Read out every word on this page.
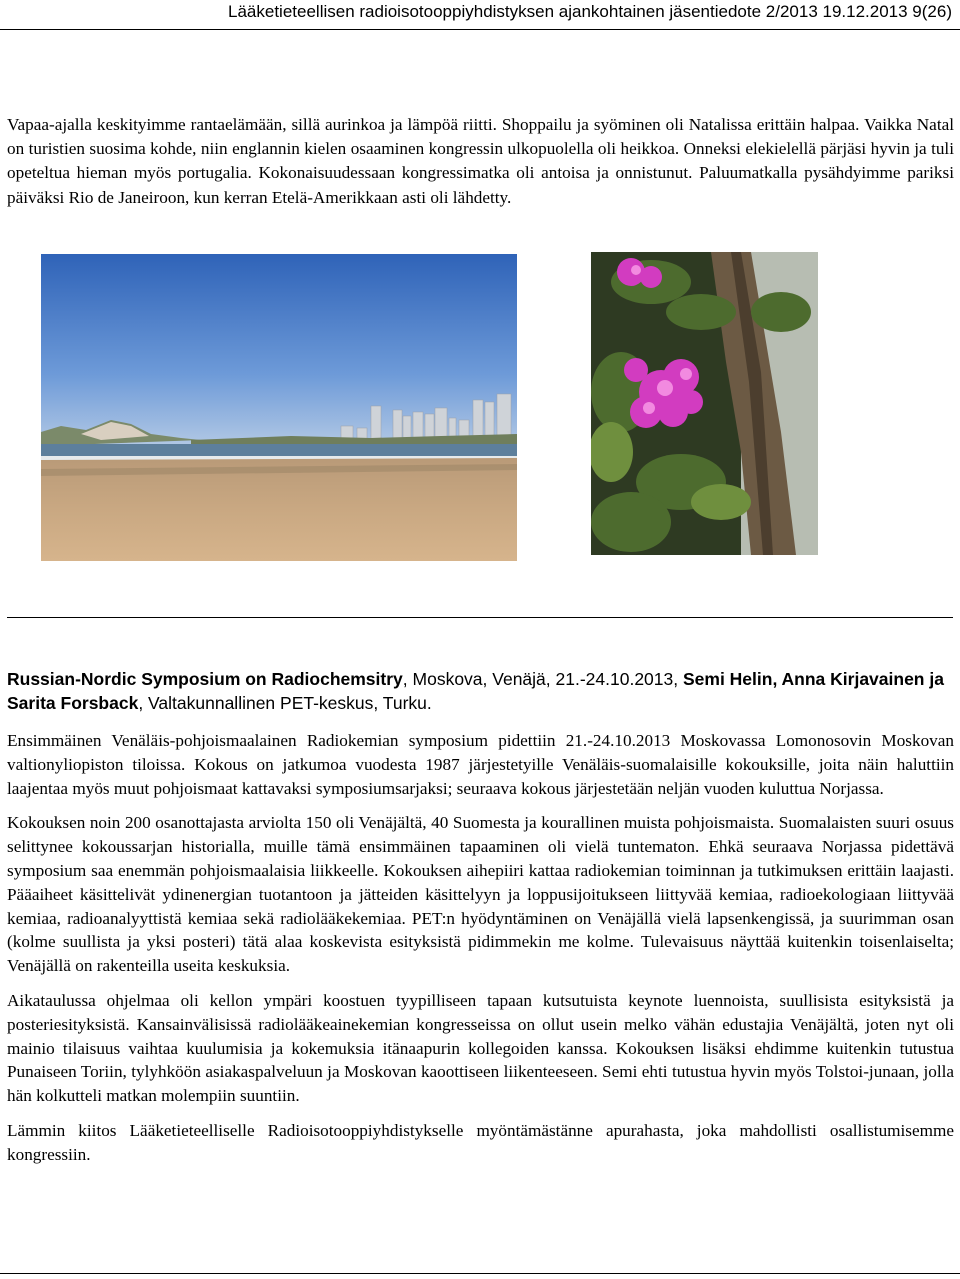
Lääketieteellisen radioisotooppiyhdistyksen ajankohtainen jäsentiedote 2/2013 19.12.2013 9(26)

Vapaa-ajalla keskityimme rantaelämään, sillä aurinkoa ja lämpöä riitti. Shoppailu ja syöminen oli Natalissa erittäin halpaa. Vaikka Natal on turistien suosima kohde, niin englannin kielen osaaminen kongressin ulkopuolella oli heikkoa. Onneksi elekielellä pärjäsi hyvin ja tuli opeteltua hieman myös portugalia. Kokonaisuudessaan kongressimatka oli antoisa ja onnistunut. Paluumatkalla pysähdyimme pariksi päiväksi Rio de Janeiroon, kun kerran Etelä-Amerikkaan asti oli lähdetty.

Russian-Nordic Symposium on Radiochemsitry, Moskova, Venäjä, 21.-24.10.2013, Semi Helin, Anna Kirjavainen ja Sarita Forsback, Valtakunnallinen PET-keskus, Turku.

Ensimmäinen Venäläis-pohjoismaalainen Radiokemian symposium pidettiin 21.-24.10.2013 Moskovassa Lomonosovin Moskovan valtionyliopiston tiloissa. Kokous on jatkumoa vuodesta 1987 järjestetyille Venäläis-suomalaisille kokouksille, joita näin haluttiin laajentaa myös muut pohjoismaat kattavaksi symposiumsarjaksi; seuraava kokous järjestetään neljän vuoden kuluttua Norjassa.

Kokouksen noin 200 osanottajasta arviolta 150 oli Venäjältä, 40 Suomesta ja kourallinen muista pohjoismaista. Suomalaisten suuri osuus selittynee kokoussarjan historialla, muille tämä ensimmäinen tapaaminen oli vielä tuntematon. Ehkä seuraava Norjassa pidettävä symposium saa enemmän pohjoismaalaisia liikkeelle. Kokouksen aihepiiri kattaa radiokemian toiminnan ja tutkimuksen erittäin laajasti. Pääaiheet käsittelivät ydinenergian tuotantoon ja jätteiden käsittelyyn ja loppusijoitukseen liittyvää kemiaa, radioekologiaan liittyvää kemiaa, radioanalyyttistä kemiaa sekä radiolääkekemiaa. PET:n hyödyntäminen on Venäjällä vielä lapsenkengissä, ja suurimman osan (kolme suullista ja yksi posteri) tätä alaa koskevista esityksistä pidimmekin me kolme. Tulevaisuus näyttää kuitenkin toisenlaiselta; Venäjällä on rakenteilla useita keskuksia.

Aikataulussa ohjelmaa oli kellon ympäri koostuen tyypilliseen tapaan kutsutuista keynote luennoista, suullisista esityksistä ja posteriesityksistä. Kansainvälisissä radiolääkeainekemian kongresseissa on ollut usein melko vähän edustajia Venäjältä, joten nyt oli mainio tilaisuus vaihtaa kuulumisia ja kokemuksia itänaapurin kollegoiden kanssa. Kokouksen lisäksi ehdimme kuitenkin tutustua Punaiseen Toriin, tylyhköön asiakaspalveluun ja Moskovan kaoottiseen liikenteeseen. Semi ehti tutustua hyvin myös Tolstoi-junaan, jolla hän kolkutteli matkan molempiin suuntiin.

Lämmin kiitos Lääketieteelliselle Radioisotooppiyhdistykselle myöntämästänne apurahasta, joka mahdollisti osallistumisemme kongressiin.
